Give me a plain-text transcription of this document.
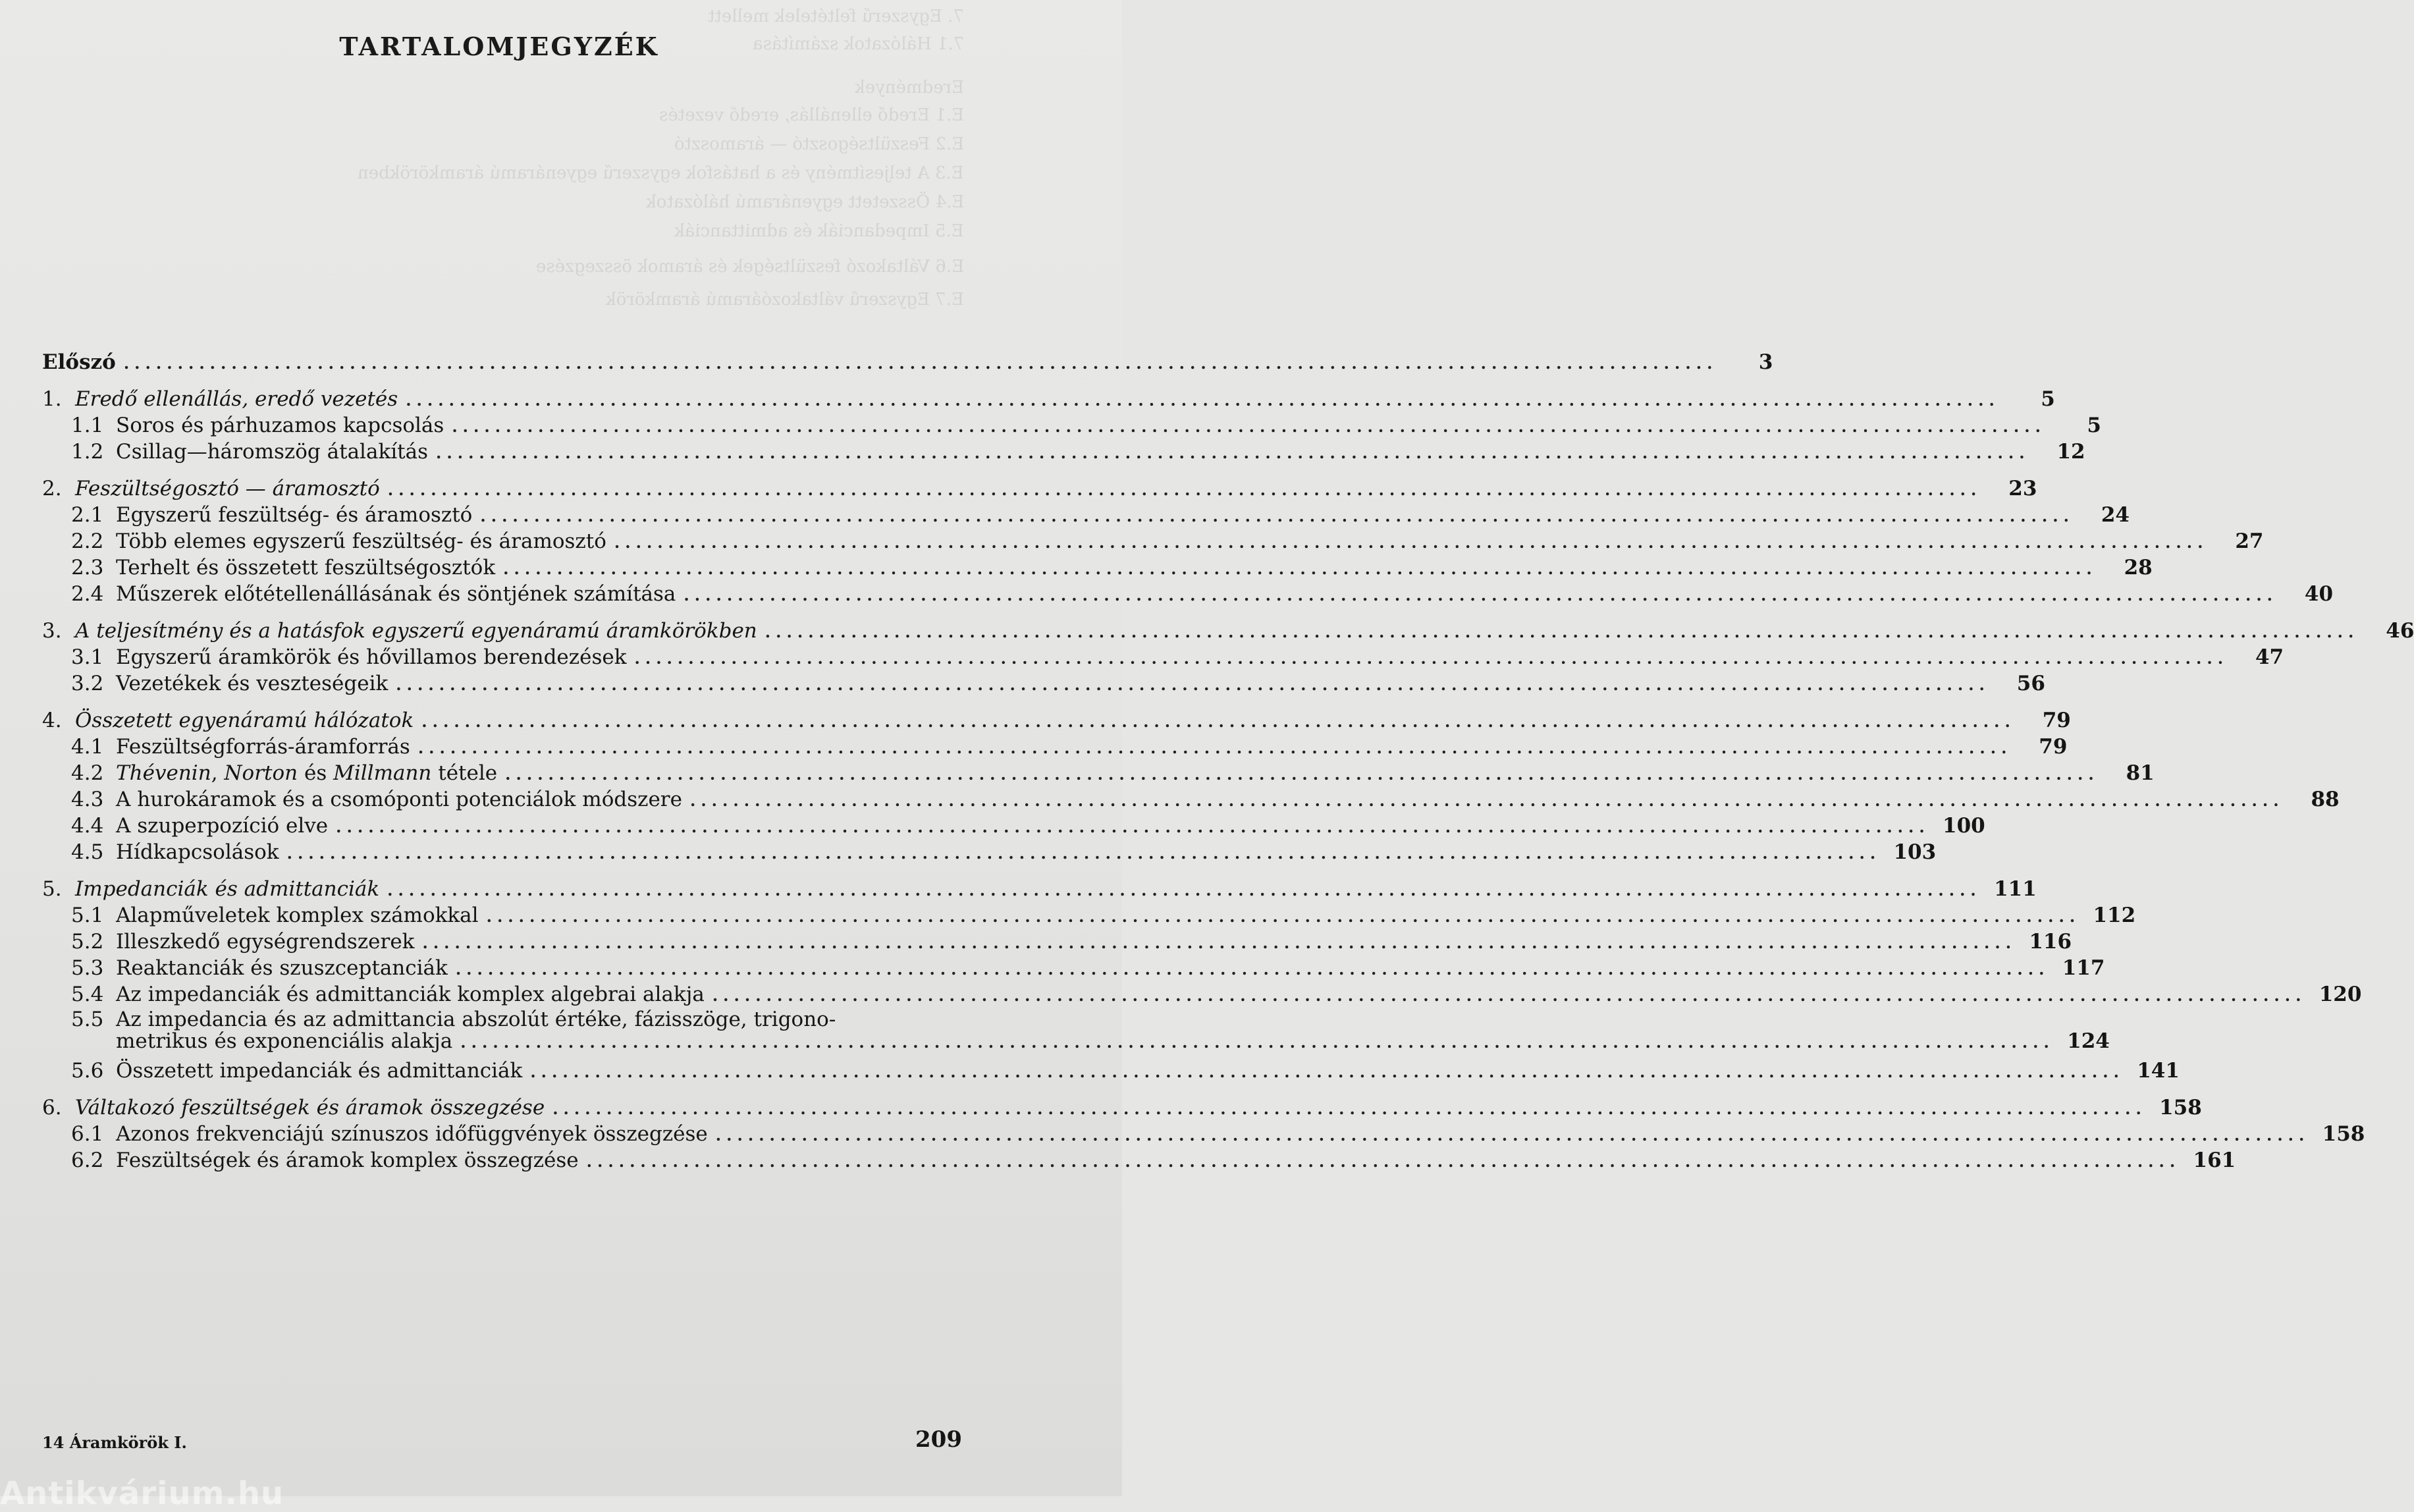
7. Egyszerű feltételek mellett
7.1 Hálózatok számítása
Eredmények
E.1 Eredő ellenállás, eredő vezetés
E.2 Feszültségosztó — áramosztó
E.3 A teljesítmény és a hatásfok egyszerű egyenáramú áramkörökben
E.4 Összetett egyenáramú hálózatok
E.5 Impedanciák és admittanciák
E.6 Váltakozó feszültségek és áramok összegzése
E.7 Egyszerű váltakozóáramú áramkörök
TARTALOMJEGYZÉK
Előszó ....................................................................................................................................................	3
1. Eredő ellenállás, eredő vezetés ....................................................................................................................................................	5
1.1 Soros és párhuzamos kapcsolás ....................................................................................................................................................	5
1.2 Csillag—háromszög átalakítás ....................................................................................................................................................	12
2. Feszültségosztó — áramosztó ....................................................................................................................................................	23
2.1 Egyszerű feszültség- és áramosztó ....................................................................................................................................................	24
2.2 Több elemes egyszerű feszültség- és áramosztó ....................................................................................................................................................	27
2.3 Terhelt és összetett feszültségosztók ....................................................................................................................................................	28
2.4 Műszerek előtétellenállásának és söntjének számítása ....................................................................................................................................................	40
3. A teljesítmény és a hatásfok egyszerű egyenáramú áramkörökben ....................................................................................................................................................	46
3.1 Egyszerű áramkörök és hővillamos berendezések ....................................................................................................................................................	47
3.2 Vezetékek és veszteségeik ....................................................................................................................................................	56
4. Összetett egyenáramú hálózatok ....................................................................................................................................................	79
4.1 Feszültségforrás-áramforrás ....................................................................................................................................................	79
4.2 Thévenin, Norton és Millmann tétele ....................................................................................................................................................	81
4.3 A hurokáramok és a csomóponti potenciálok módszere ....................................................................................................................................................	88
4.4 A szuperpozíció elve .................................................................................................................................................... 100
4.5 Hídkapcsolások .................................................................................................................................................... 103
5. Impedanciák és admittanciák .................................................................................................................................................... 111
5.1 Alapműveletek komplex számokkal .................................................................................................................................................... 112
5.2 Illeszkedő egységrendszerek .................................................................................................................................................... 116
5.3 Reaktanciák és szuszceptanciák .................................................................................................................................................... 117
5.4 Az impedanciák és admittanciák komplex algebrai alakja .................................................................................................................................................... 120
5.5 Az impedancia és az admittancia abszolút értéke, fázisszöge, trigono-
metrikus és exponenciális alakja .................................................................................................................................................... 124
5.6 Összetett impedanciák és admittanciák .................................................................................................................................................... 141
6. Váltakozó feszültségek és áramok összegzése .................................................................................................................................................... 158
6.1 Azonos frekvenciájú színuszos időfüggvények összegzése .................................................................................................................................................... 158
6.2 Feszültségek és áramok komplex összegzése .................................................................................................................................................... 161
14 Áramkörök I.	209
Antikvárium.hu
